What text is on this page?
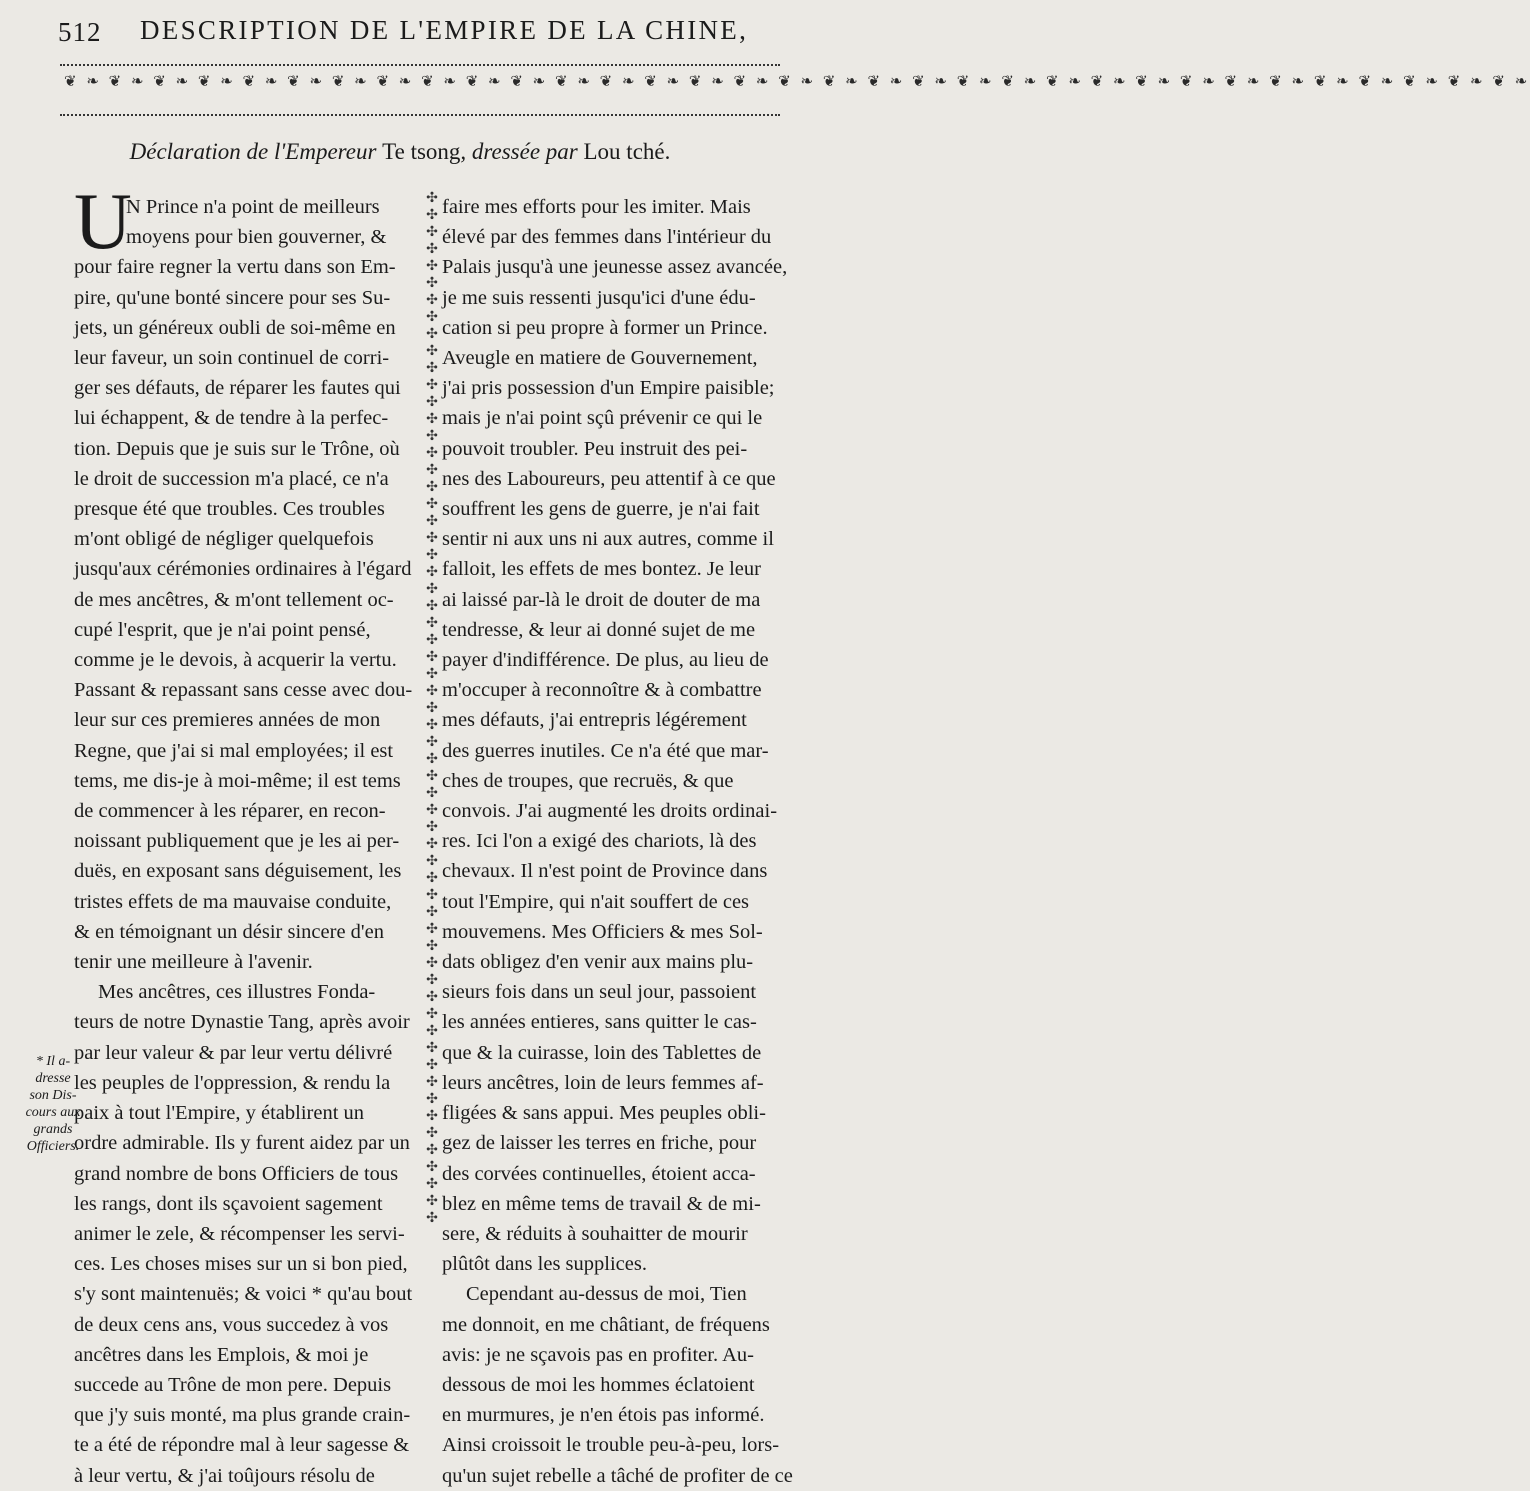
512 DESCRIPTION DE L'EMPIRE DE LA CHINE,
❦ ❧ ❦ ❧ ❦ ❧ ❦ ❧ ❦ ❧ ❦ ❧ ❦ ❧ ❦ ❧ ❦ ❧ ❦ ❧ ❦ ❧ ❦ ❧ ❦ ❧ ❦ ❧ ❦ ❧ ❦ ❧ ❦ ❧ ❦ ❧ ❦ ❧ ❦ ❧ ❦ ❧ ❦ ❧ ❦ ❧ ❦ ❧ ❦ ❧ ❦ ❧ ❦ ❧ ❦ ❧ ❦ ❧ ❦ ❧ ❦ ❧ ❦ ❧ ❦ ❧
Déclaration de l'Empereur Te tsong, dressée par Lou tché.
U
N Prince n'a point de meilleurs
moyens pour bien gouverner, &
pour faire regner la vertu dans son Em-
pire, qu'une bonté sincere pour ses Su-
jets, un généreux oubli de soi-même en
leur faveur, un soin continuel de corri-
ger ses défauts, de réparer les fautes qui
lui échappent, & de tendre à la perfec-
tion. Depuis que je suis sur le Trône, où
le droit de succession m'a placé, ce n'a
presque été que troubles. Ces troubles
m'ont obligé de négliger quelquefois
jusqu'aux cérémonies ordinaires à l'égard
de mes ancêtres, & m'ont tellement oc-
cupé l'esprit, que je n'ai point pensé,
comme je le devois, à acquerir la vertu.
Passant & repassant sans cesse avec dou-
leur sur ces premieres années de mon
Regne, que j'ai si mal employées; il est
tems, me dis-je à moi-même; il est tems
de commencer à les réparer, en recon-
noissant publiquement que je les ai per-
duës, en exposant sans déguisement, les
tristes effets de ma mauvaise conduite,
& en témoignant un désir sincere d'en
tenir une meilleure à l'avenir.
Mes ancêtres, ces illustres Fonda-
teurs de notre Dynastie Tang, après avoir
par leur valeur & par leur vertu délivré
les peuples de l'oppression, & rendu la
paix à tout l'Empire, y établirent un
ordre admirable. Ils y furent aidez par un
grand nombre de bons Officiers de tous
les rangs, dont ils sçavoient sagement
animer le zele, & récompenser les servi-
ces. Les choses mises sur un si bon pied,
s'y sont maintenuës; & voici * qu'au bout
de deux cens ans, vous succedez à vos
ancêtres dans les Emplois, & moi je
succede au Trône de mon pere. Depuis
que j'y suis monté, ma plus grande crain-
te a été de répondre mal à leur sagesse &
à leur vertu, & j'ai toûjours résolu de
✣
✣
✣
✣
✣
✣
✣
✣
✣
✣
✣
✣
✣
✣
✣
✣
✣
✣
✣
✣
✣
✣
✣
✣
✣
✣
✣
✣
✣
✣
✣
✣
✣
✣
✣
✣
✣
✣
✣
✣
✣
✣
✣
✣
✣
✣
✣
✣
✣
✣
✣
✣
✣
✣
✣
✣
✣
✣
✣
✣
✣
faire mes efforts pour les imiter. Mais
élevé par des femmes dans l'intérieur du
Palais jusqu'à une jeunesse assez avancée,
je me suis ressenti jusqu'ici d'une édu-
cation si peu propre à former un Prince.
Aveugle en matiere de Gouvernement,
j'ai pris possession d'un Empire paisible;
mais je n'ai point sçû prévenir ce qui le
pouvoit troubler. Peu instruit des pei-
nes des Laboureurs, peu attentif à ce que
souffrent les gens de guerre, je n'ai fait
sentir ni aux uns ni aux autres, comme il
falloit, les effets de mes bontez. Je leur
ai laissé par-là le droit de douter de ma
tendresse, & leur ai donné sujet de me
payer d'indifférence. De plus, au lieu de
m'occuper à reconnoître & à combattre
mes défauts, j'ai entrepris légérement
des guerres inutiles. Ce n'a été que mar-
ches de troupes, que recruës, & que
convois. J'ai augmenté les droits ordinai-
res. Ici l'on a exigé des chariots, là des
chevaux. Il n'est point de Province dans
tout l'Empire, qui n'ait souffert de ces
mouvemens. Mes Officiers & mes Sol-
dats obligez d'en venir aux mains plu-
sieurs fois dans un seul jour, passoient
les années entieres, sans quitter le cas-
que & la cuirasse, loin des Tablettes de
leurs ancêtres, loin de leurs femmes af-
fligées & sans appui. Mes peuples obli-
gez de laisser les terres en friche, pour
des corvées continuelles, étoient acca-
blez en même tems de travail & de mi-
sere, & réduits à souhaitter de mourir
plûtôt dans les supplices.
Cependant au-dessus de moi, Tien
me donnoit, en me châtiant, de fréquens
avis: je ne sçavois pas en profiter. Au-
dessous de moi les hommes éclatoient
en murmures, je n'en étois pas informé.
Ainsi croissoit le trouble peu-à-peu, lors-
qu'un sujet rebelle a tâché de profiter de ce
* Il a-
dresse
son Dis-
cours aux
grands
Officiers.
